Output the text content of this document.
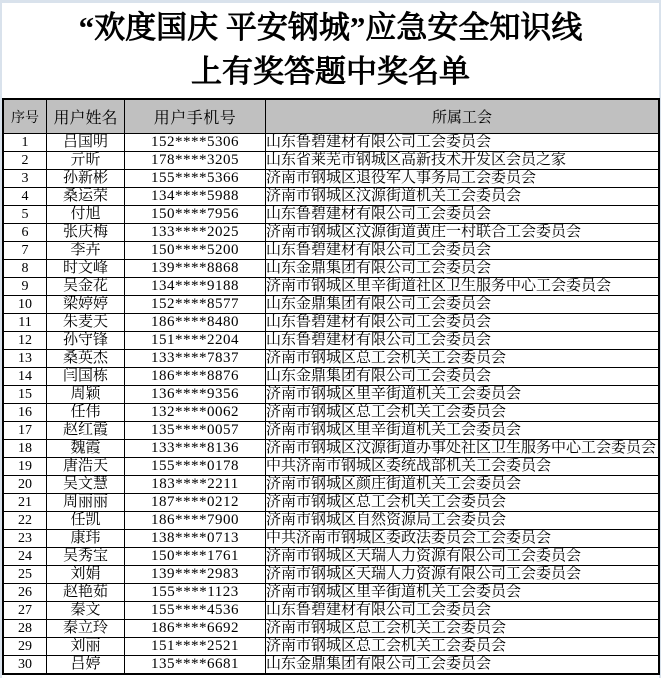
“欢度国庆 平安钢城”应急安全知识线
上有奖答题中奖名单
序号	用户姓名	用户手机号	所属工会
1	吕国明	152****5306	山东鲁碧建材有限公司工会委员会
2	亓昕	178****3205	山东省莱芜市钢城区高新技术开发区会员之家
3	孙新彬	155****5366	济南市钢城区退役军人事务局工会委员会
4	桑运荣	134****5988	济南市钢城区汶源街道机关工会委员会
5	付旭	150****7956	山东鲁碧建材有限公司工会委员会
6	张庆梅	133****2025	济南市钢城区汶源街道黄庄一村联合工会委员会
7	李卉	150****5200	山东鲁碧建材有限公司工会委员会
8	时文峰	139****8868	山东金鼎集团有限公司工会委员会
9	吴金花	134****9188	济南市钢城区里辛街道社区卫生服务中心工会委员会
10	梁婷婷	152****8577	山东金鼎集团有限公司工会委员会
11	朱麦天	186****8480	山东鲁碧建材有限公司工会委员会
12	孙守锋	151****2204	山东鲁碧建材有限公司工会委员会
13	桑英杰	133****7837	济南市钢城区总工会机关工会委员会
14	闫国栋	186****8876	山东金鼎集团有限公司工会委员会
15	周颖	136****9356	济南市钢城区里辛街道机关工会委员会
16	任伟	132****0062	济南市钢城区总工会机关工会委员会
17	赵红霞	135****0057	济南市钢城区里辛街道机关工会委员会
18	魏霞	133****8136	济南市钢城区汶源街道办事处社区卫生服务中心工会委员会
19	唐浩天	155****0178	中共济南市钢城区委统战部机关工会委员会
20	吴文慧	183****2211	济南市钢城区颜庄街道机关工会委员会
21	周丽丽	187****0212	济南市钢城区总工会机关工会委员会
22	任凯	186****7900	济南市钢城区自然资源局工会委员会
23	康玮	138****0713	中共济南市钢城区委政法委员会工会委员会
24	吴秀宝	150****1761	济南市钢城区天瑞人力资源有限公司工会委员会
25	刘娟	139****2983	济南市钢城区天瑞人力资源有限公司工会委员会
26	赵艳茹	155****1123	济南市钢城区里辛街道机关工会委员会
27	秦文	155****4536	山东鲁碧建材有限公司工会委员会
28	秦立玲	186****6692	济南市钢城区总工会机关工会委员会
29	刘丽	151****2521	济南市钢城区总工会机关工会委员会
30	吕婷	135****6681	山东金鼎集团有限公司工会委员会
